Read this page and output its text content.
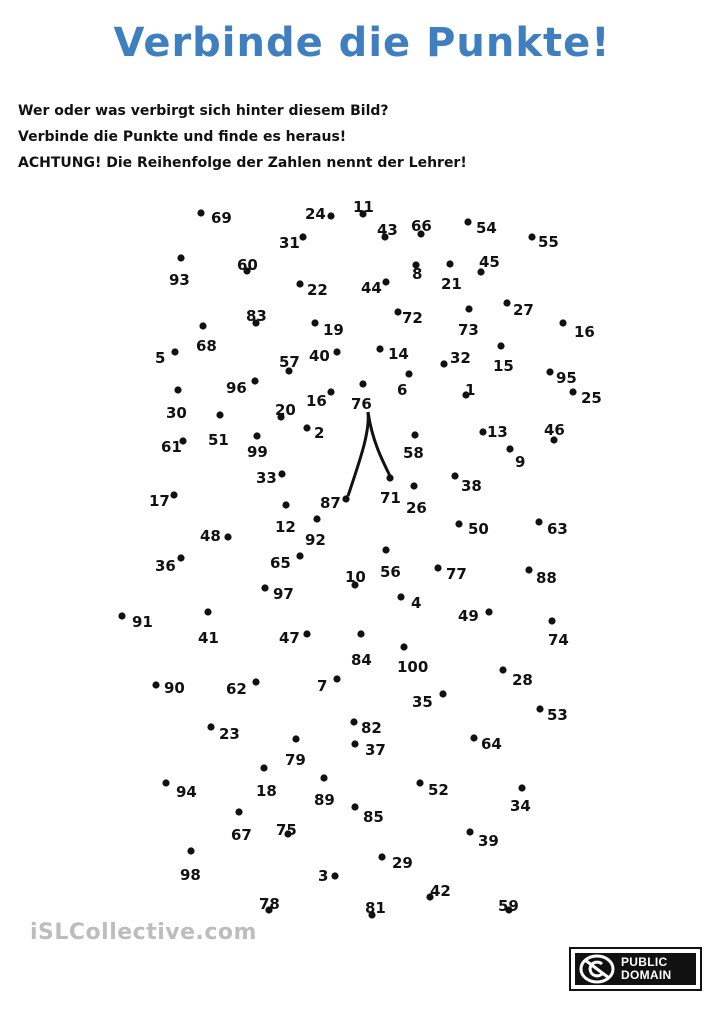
Verbinde die Punkte!
Wer oder was verbirgt sich hinter diesem Bild?
Verbinde die Punkte und finde es heraus!
ACHTUNG! Die Reihenfolge der Zahlen nennt der Lehrer!
69	24 11
66
43	54
55
31
60
93
45
8
21
44
22
83	27
72
73	16
19
68
5	40	14	32 15
57
95
96	6	1	25
30
16 76
20
51	2	13 46
61	99	58	9
33	38
17	87	71
26
12
92
48	50	63
36	65	56
10	77	88
97	4
91	49
41	47	74
84 100
28
90	62	7
35
53
82
23
37	64
79
94	18 89
52
34
85
67 75
39
98
29
3
42
78	81	59
iSLCollective.com
PUBLIC
DOMAIN
